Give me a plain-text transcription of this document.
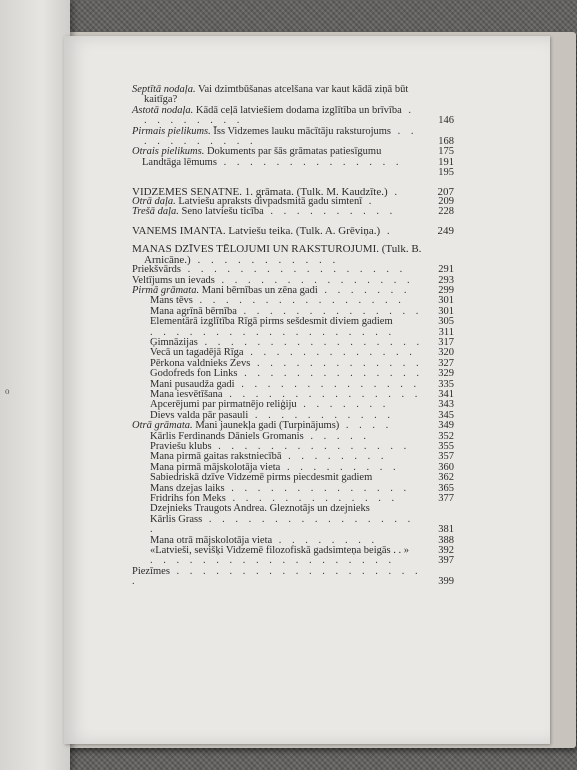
o
Septītā nodaļa. Vai dzimtbūšanas atcelšana var kaut kādā ziņā būt kaitīga?
Astotā nodaļa. Kādā ceļā latviešiem dodama izglītība un brīvība . . . . . . . . .	146
Pirmais pielikums. Īss Vidzemes lauku mācītāju raksturojums . . . . . . . . . . .	168
Otrais pielikums. Dokuments par šās grāmatas patiesīgumu	175
Landtāga lēmums . . . . . . . . . . . . . .	191

195
VIDZEMES SENATNE. 1. grāmata. (Tulk. M. Kaudzīte.) .	207
Otrā daļa. Latviešu apraksts divpadsmitā gadu simtenī .	209
Trešā daļa. Seno latviešu ticība . . . . . . . . . .	228
VANEMS IMANTA. Latviešu teika. (Tulk. A. Grēviņa.) .	249
MANAS DZĪVES TĒLOJUMI UN RAKSTUROJUMI. (Tulk. B. Arnicāne.) . . . . . . . . . . .
Priekšvārds . . . . . . . . . . . . . . . . .	291
Veltījums un ievads . . . . . . . . . . . . . . . 293
Pirmā grāmata. Mani bērnības un zēna gadi . . . . . . .	299
Mans tēvs . . . . . . . . . . . . . . . .	301
Mana agrīnā bērnība . . . . . . . . . . . . . . 301
Elementārā izglītība Rīgā pirms sešdesmit diviem gadiem	305
. . . . . . . . . . . . . . . . . . .	311
Ģimnāzijas . . . . . . . . . . . . . . . . . 317
Vecā un tagadējā Rīga . . . . . . . . . . . . . 320
Pērkona valdnieks Zevs . . . . . . . . . . . . . 327
Godofreds fon Links . . . . . . . . . . . . . . 329
Mani pusaudža gadi . . . . . . . . . . . . . . 335
Mana iesvētīšana . . . . . . . . . . . . . . . 341
Apcerējumi par pirmatnējo reliģiju . . . . . . .	343
Dievs valda pār pasauli . . . . . . . . . . .	345
Otrā grāmata. Mani jaunekļa gadi (Turpinājums) . . . .	349
Kārlis Ferdinands Dāniels Gromanis . . . . .	352
Praviešu klubs . . . . . . . . . . . . . . .	355
Mana pirmā gaitas rakstniecībā . . . . . . . .	357
Mana pirmā mājskolotāja vieta . . . . . . . . .	360
Sabiedriskā dzīve Vidzemē pirms piecdesmit gadiem	362
Mans dzejas laiks . . . . . . . . . . . . . .	365
Fridrihs fon Meks . . . . . . . . . . . . .	377
Dzejnieks Traugots Andrea. Gleznotājs un dzejnieks
Kārlis Grass . . . . . . . . . . . . . . . . .	381
Mana otrā mājskolotāja vieta . . . . . . . .	388
«Latvieši, sevišķi Vidzemē filozofiskā gadsimteņa beigās . . »	392
. . . . . . . . . . . . . . . . . . .	397
Piezīmes . . . . . . . . . . . . . . . . . . . .	399
